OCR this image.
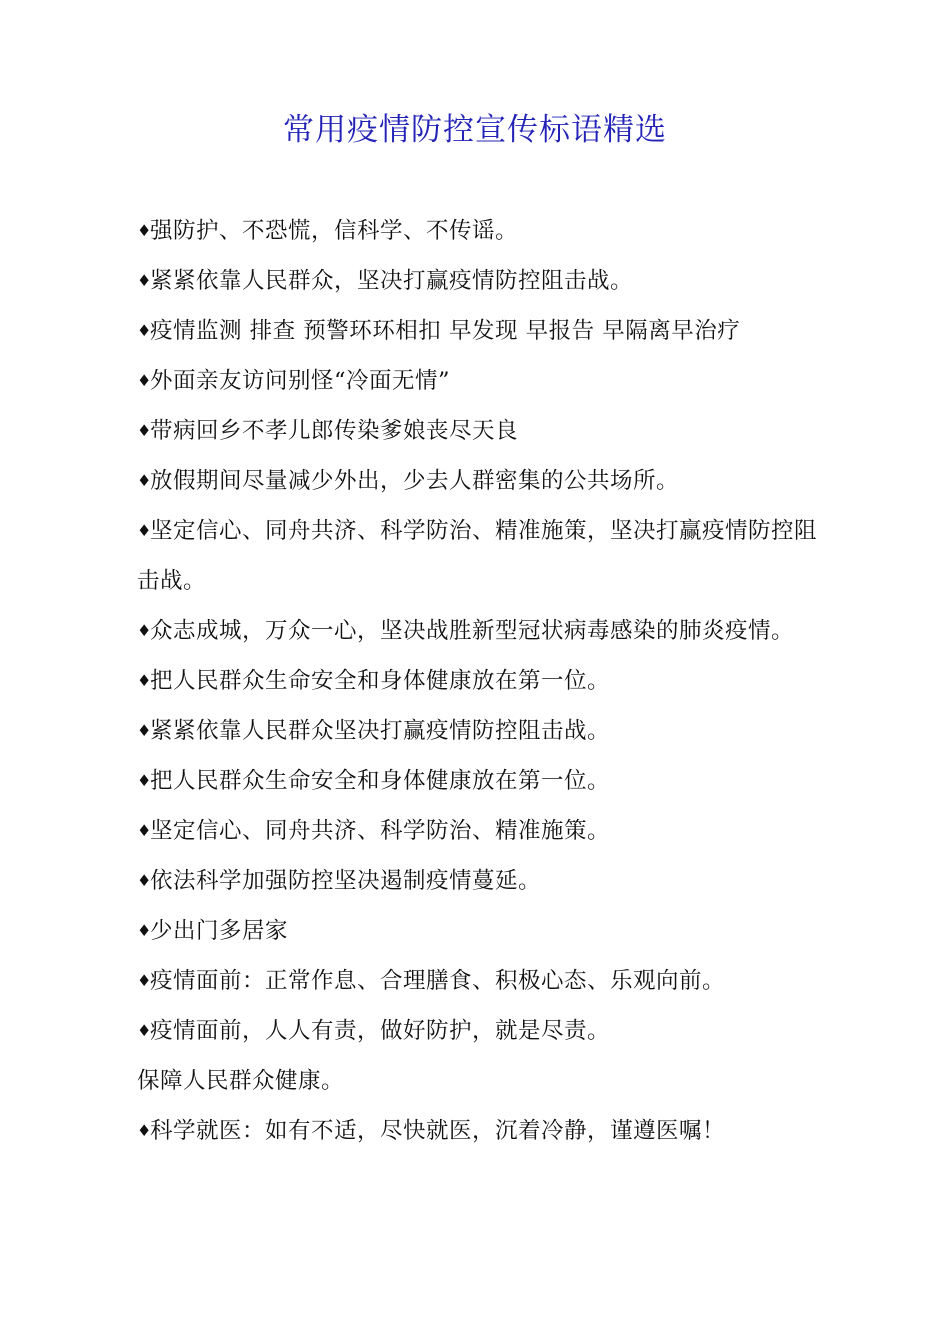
常用疫情防控宣传标语精选

♦强防护、不恐慌，信科学、不传谣。

♦紧紧依靠人民群众，坚决打赢疫情防控阻击战。

♦疫情监测 排查 预警环环相扣 早发现 早报告 早隔离早治疗

♦外面亲友访问别怪“冷面无情”

♦带病回乡不孝儿郎传染爹娘丧尽天良

♦放假期间尽量减少外出，少去人群密集的公共场所。

♦坚定信心、同舟共济、科学防治、精准施策，坚决打赢疫情防控阻击战。

♦众志成城，万众一心，坚决战胜新型冠状病毒感染的肺炎疫情。

♦把人民群众生命安全和身体健康放在第一位。

♦紧紧依靠人民群众坚决打赢疫情防控阻击战。

♦把人民群众生命安全和身体健康放在第一位。

♦坚定信心、同舟共济、科学防治、精准施策。

♦依法科学加强防控坚决遏制疫情蔓延。

♦少出门多居家

♦疫情面前：正常作息、合理膳食、积极心态、乐观向前。

♦疫情面前，人人有责，做好防护，就是尽责。

保障人民群众健康。

♦科学就医：如有不适，尽快就医，沉着冷静，谨遵医嘱！
